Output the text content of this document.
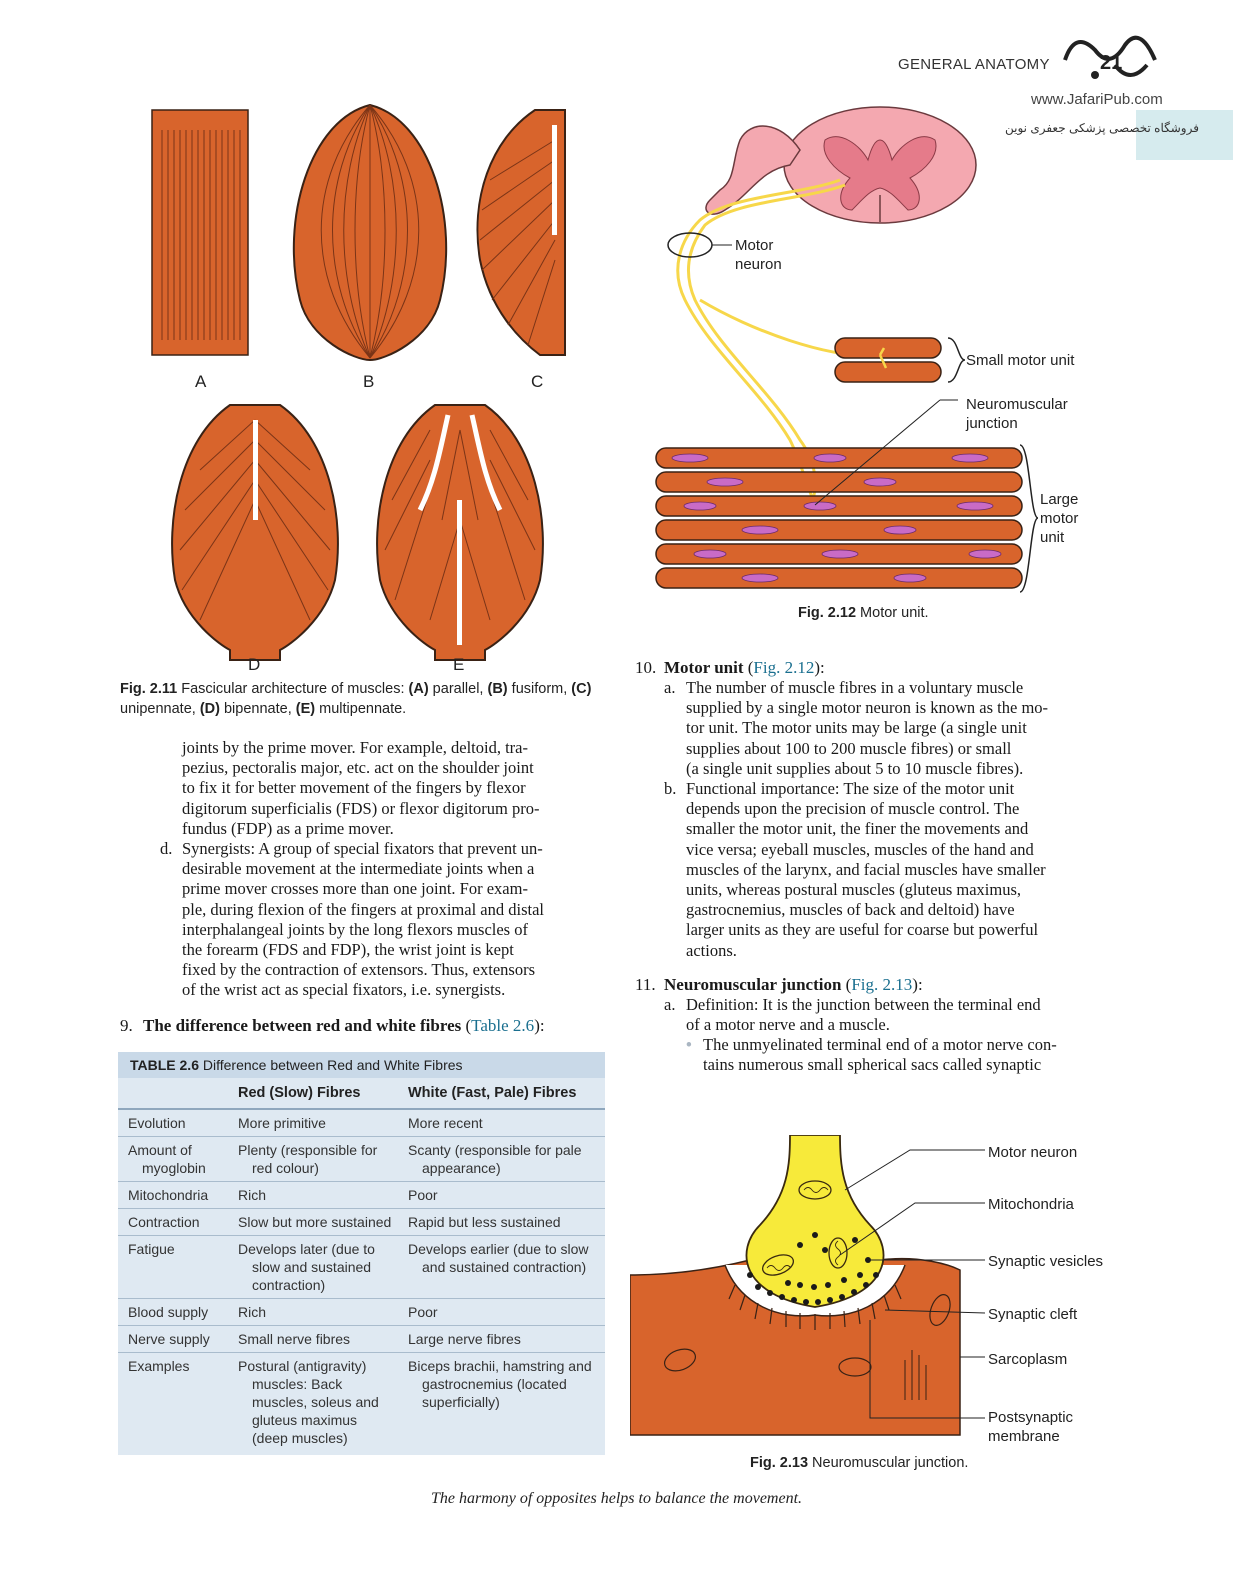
GENERAL ANATOMY	21
www.JafariPub.com
فروشگاه تخصصی پزشکی جعفری نوین
A	B	C
D	E
Fig. 2.11 Fascicular architecture of muscles: (A) parallel, (B) fusiform, (C) unipennate, (D) bipennate, (E) multipennate.
joints by the prime mover. For example, deltoid, tra-
pezius, pectoralis major, etc. act on the shoulder joint
to fix it for better movement of the fingers by flexor
digitorum superficialis (FDS) or flexor digitorum pro-
fundus (FDP) as a prime mover.
d. Synergists: A group of special fixators that prevent un-
desirable movement at the intermediate joints when a
prime mover crosses more than one joint. For exam-
ple, during flexion of the fingers at proximal and distal
interphalangeal joints by the long flexors muscles of
the forearm (FDS and FDP), the wrist joint is kept
fixed by the contraction of extensors. Thus, extensors
of the wrist act as special fixators, i.e. synergists.
9. The difference between red and white fibres (Table 2.6):
TABLE 2.6 Difference between Red and White Fibres
	Red (Slow) Fibres	White (Fast, Pale) Fibres

Evolution	More primitive	More recent

Amount of myoglobin	Plenty (responsible for red colour)	Scanty (responsible for pale appearance)

Mitochondria	Rich	Poor

Contraction	Slow but more sustained	Rapid but less sustained

Fatigue	Develops later (due to slow and sustained contraction)	Develops earlier (due to slow and sustained contraction)

Blood supply	Rich	Poor

Nerve supply	Small nerve fibres	Large nerve fibres

Examples	Postural (antigravity) muscles: Back muscles, soleus and gluteus maximus (deep muscles)	Biceps brachii, hamstring and gastrocnemius (located superficially)
Motor
neuron
Small motor unit
Neuromuscular
junction
Large
motor
unit
Fig. 2.12 Motor unit.
10. Motor unit (Fig. 2.12):
a. The number of muscle fibres in a voluntary muscle
supplied by a single motor neuron is known as the mo-
tor unit. The motor units may be large (a single unit
supplies about 100 to 200 muscle fibres) or small
(a single unit supplies about 5 to 10 muscle fibres).
b. Functional importance: The size of the motor unit
depends upon the precision of muscle control. The
smaller the motor unit, the finer the movements and
vice versa; eyeball muscles, muscles of the hand and
muscles of the larynx, and facial muscles have smaller
units, whereas postural muscles (gluteus maximus,
gastrocnemius, muscles of back and deltoid) have
larger units as they are useful for coarse but powerful
actions.
11. Neuromuscular junction (Fig. 2.13):
a. Definition: It is the junction between the terminal end
of a motor nerve and a muscle.
• The unmyelinated terminal end of a motor nerve con-
tains numerous small spherical sacs called synaptic
Motor neuron
Mitochondria
Synaptic vesicles
Synaptic cleft
Sarcoplasm
Postsynaptic
membrane
Fig. 2.13 Neuromuscular junction.
The harmony of opposites helps to balance the movement.
